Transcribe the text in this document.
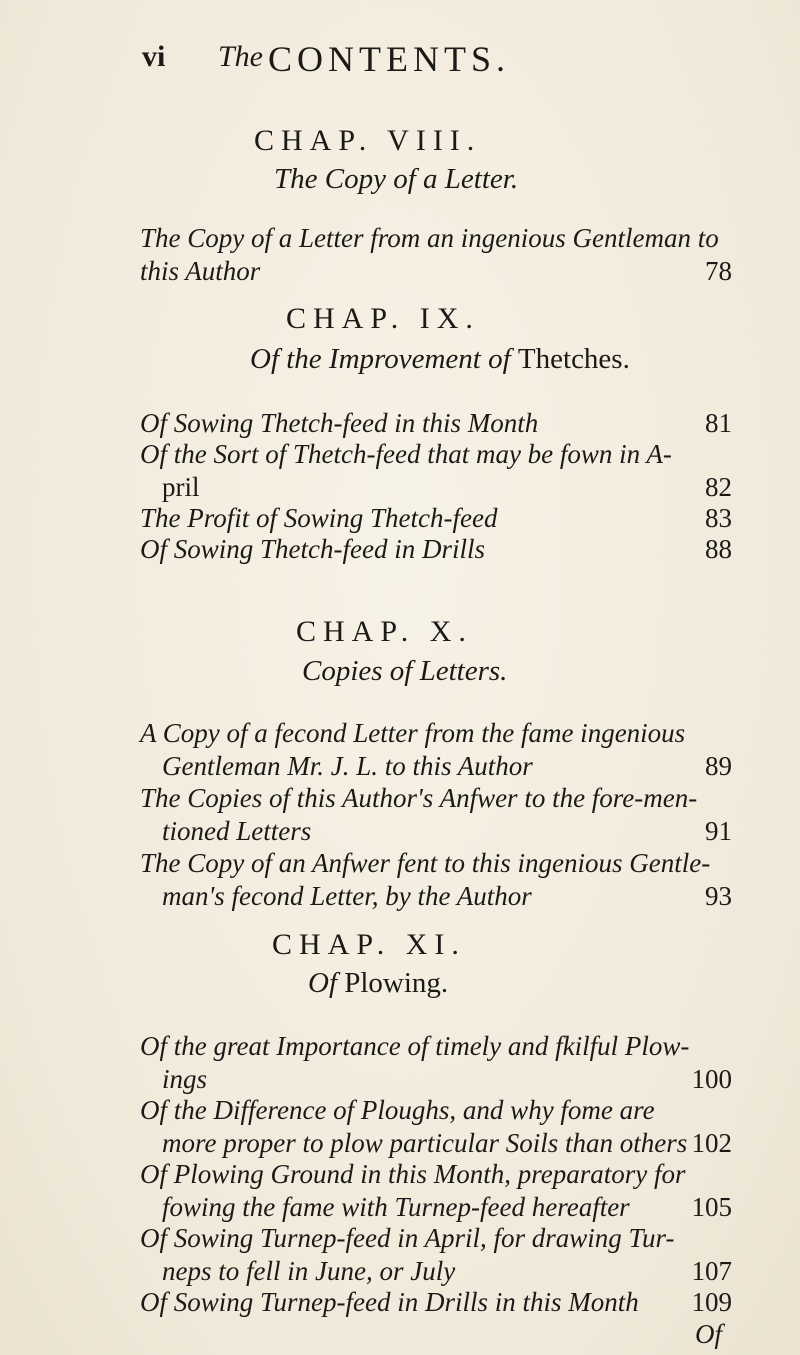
vi The CONTENTS.
CHAP. VIII.
The Copy of a Letter.
The Copy of a Letter from an ingenious Gentleman to
this Author	78
CHAP. IX.
Of the Improvement of Thetches.
Of Sowing Thetch-feed in this Month	81
Of the Sort of Thetch-feed that may be fown in A-
pril	82
The Profit of Sowing Thetch-feed	83
Of Sowing Thetch-feed in Drills	88
CHAP. X.
Copies of Letters.
A Copy of a fecond Letter from the fame ingenious
Gentleman Mr. J. L. to this Author	89
The Copies of this Author's Anfwer to the fore-men-
tioned Letters	91
The Copy of an Anfwer fent to this ingenious Gentle-
man's fecond Letter, by the Author	93
CHAP. XI.
Of Plowing.
Of the great Importance of timely and fkilful Plow-
ings	100
Of the Difference of Ploughs, and why fome are
more proper to plow particular Soils than others 102
Of Plowing Ground in this Month, preparatory for
fowing the fame with Turnep-feed hereafter 105
Of Sowing Turnep-feed in April, for drawing Tur-
neps to fell in June, or July	107
Of Sowing Turnep-feed in Drills in this Month 109
Of
